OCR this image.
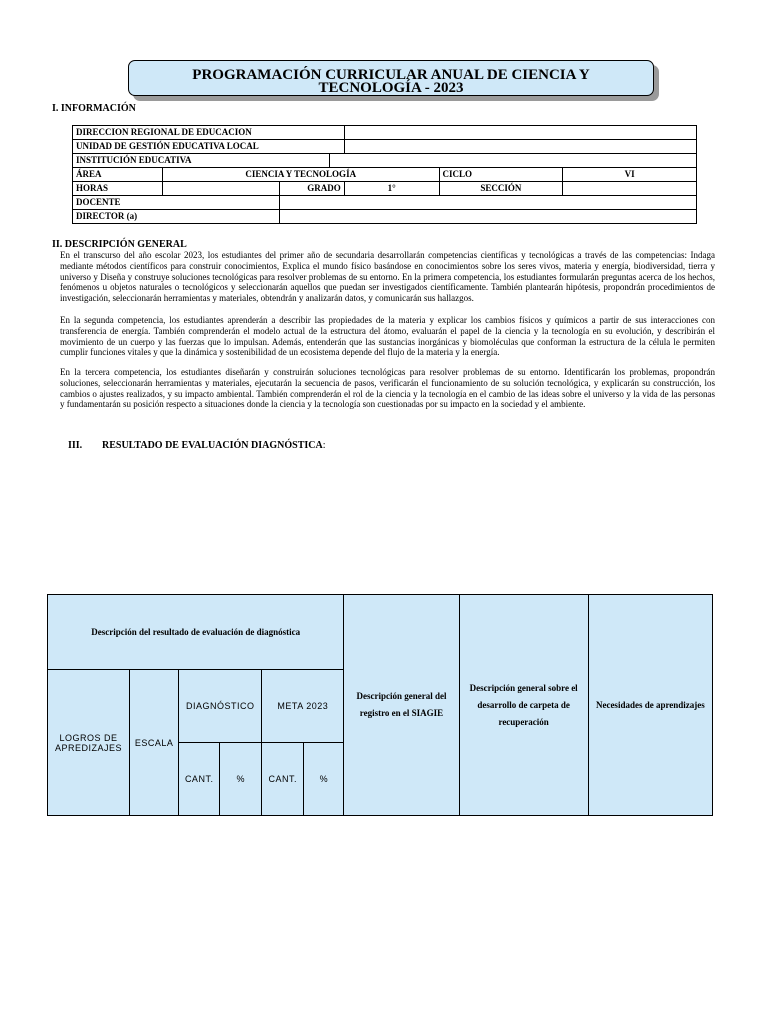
PROGRAMACIÓN CURRICULAR ANUAL DE CIENCIA Y
TECNOLOGÍA - 2023
I. INFORMACIÓN
DIRECCION REGIONAL DE EDUCACION						
UNIDAD DE GESTIÓN EDUCATIVA LOCAL						
INSTITUCIÓN EDUCATIVA						
ÁREA	CIENCIA Y TECNOLOGÍA				CICLO	VI
HORAS		GRADO		1°	SECCIÓN	
DOCENTE						
DIRECTOR (a)						
II. DESCRIPCIÓN GENERAL
En el transcurso del año escolar 2023, los estudiantes del primer año de secundaria desarrollarán competencias científicas y tecnológicas a través de las competencias: Indaga mediante métodos científicos para construir conocimientos, Explica el mundo físico basándose en conocimientos sobre los seres vivos, materia y energía, biodiversidad, tierra y universo y Diseña y construye soluciones tecnológicas para resolver problemas de su entorno. En la primera competencia, los estudiantes formularán preguntas acerca de los hechos, fenómenos u objetos naturales o tecnológicos y seleccionarán aquellos que puedan ser investigados científicamente. También plantearán hipótesis, propondrán procedimientos de investigación, seleccionarán herramientas y materiales, obtendrán y analizarán datos, y comunicarán sus hallazgos.
En la segunda competencia, los estudiantes aprenderán a describir las propiedades de la materia y explicar los cambios físicos y químicos a partir de sus interacciones con transferencia de energía. También comprenderán el modelo actual de la estructura del átomo, evaluarán el papel de la ciencia y la tecnología en su evolución, y describirán el movimiento de un cuerpo y las fuerzas que lo impulsan. Además, entenderán que las sustancias inorgánicas y biomoléculas que conforman la estructura de la célula le permiten cumplir funciones vitales y que la dinámica y sostenibilidad de un ecosistema depende del flujo de la materia y la energía.
En la tercera competencia, los estudiantes diseñarán y construirán soluciones tecnológicas para resolver problemas de su entorno. Identificarán los problemas, propondrán soluciones, seleccionarán herramientas y materiales, ejecutarán la secuencia de pasos, verificarán el funcionamiento de su solución tecnológica, y explicarán su construcción, los cambios o ajustes realizados, y su impacto ambiental. También comprenderán el rol de la ciencia y la tecnología en el cambio de las ideas sobre el universo y la vida de las personas y fundamentarán su posición respecto a situaciones donde la ciencia y la tecnología son cuestionadas por su impacto en la sociedad y el ambiente.
III. RESULTADO DE EVALUACIÓN DIAGNÓSTICA:
Descripción del resultado de evaluación de diagnóstica						Descripción general del registro en el SIAGIE	Descripción general sobre el desarrollo de carpeta de recuperación	Necesidades de aprendizajes
LOGROS DE APREDIZAJES	ESCALA	DIAGNÓSTICO		META 2023				
		CANT.	%	CANT.	%			
